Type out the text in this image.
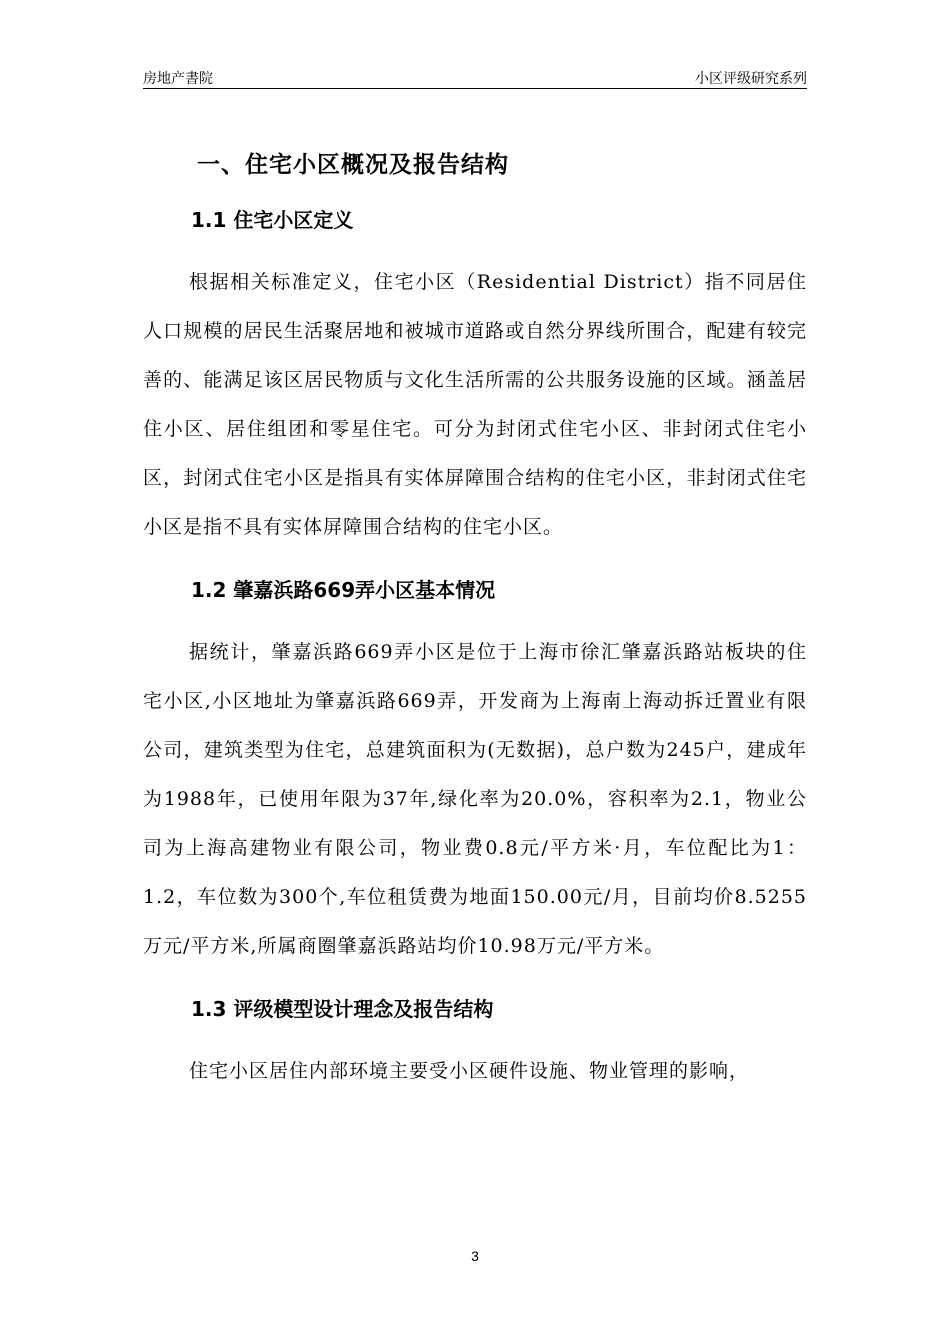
房地产書院	小区评级研究系列
一、住宅小区概况及报告结构
1.1 住宅小区定义

根据相关标准定义，住宅小区（Residential District）指不同居住人口规模的居民生活聚居地和被城市道路或自然分界线所围合，配建有较完善的、能满足该区居民物质与文化生活所需的公共服务设施的区域。涵盖居住小区、居住组团和零星住宅。可分为封闭式住宅小区、非封闭式住宅小区，封闭式住宅小区是指具有实体屏障围合结构的住宅小区，非封闭式住宅小区是指不具有实体屏障围合结构的住宅小区。

1.2 肇嘉浜路669弄小区基本情况

据统计，肇嘉浜路669弄小区是位于上海市徐汇肇嘉浜路站板块的住宅小区,小区地址为肇嘉浜路669弄，开发商为上海南上海动拆迁置业有限公司，建筑类型为住宅，总建筑面积为(无数据)，总户数为245户，建成年为1988年，已使用年限为37年,绿化率为20.0%，容积率为2.1，物业公司为上海高建物业有限公司，物业费0.8元/平方米·月，车位配比为1：1.2，车位数为300个,车位租赁费为地面150.00元/月，目前均价8.5255万元/平方米,所属商圈肇嘉浜路站均价10.98万元/平方米。

1.3 评级模型设计理念及报告结构

住宅小区居住内部环境主要受小区硬件设施、物业管理的影响，

3
